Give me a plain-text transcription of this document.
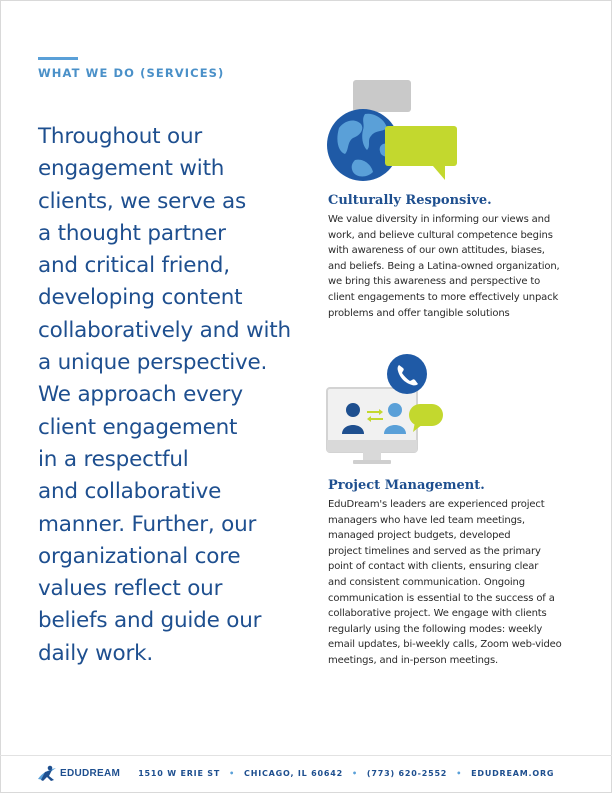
WHAT WE DO (SERVICES)

Throughout our
engagement with
clients, we serve as
a thought partner
and critical friend,
developing content
collaboratively and with
a unique perspective.
We approach every
client engagement
in a respectful
and collaborative
manner. Further, our
organizational core
values reflect our
beliefs and guide our
daily work.

Culturally Responsive.

We value diversity in informing our views and
work, and believe cultural competence begins
with awareness of our own attitudes, biases,
and beliefs. Being a Latina-owned organization,
we bring this awareness and perspective to
client engagements to more effectively unpack
problems and offer tangible solutions

Project Management.

EduDream's leaders are experienced project
managers who have led team meetings,
managed project budgets, developed
project timelines and served as the primary
point of contact with clients, ensuring clear
and consistent communication. Ongoing
communication is essential to the success of a
collaborative project. We engage with clients
regularly using the following modes: weekly
email updates, bi-weekly calls, Zoom web-video
meetings, and in-person meetings.

EDUDREAM 1510 W ERIE ST • CHICAGO, IL 60642 • (773) 620-2552 • EDUDREAM.ORG
